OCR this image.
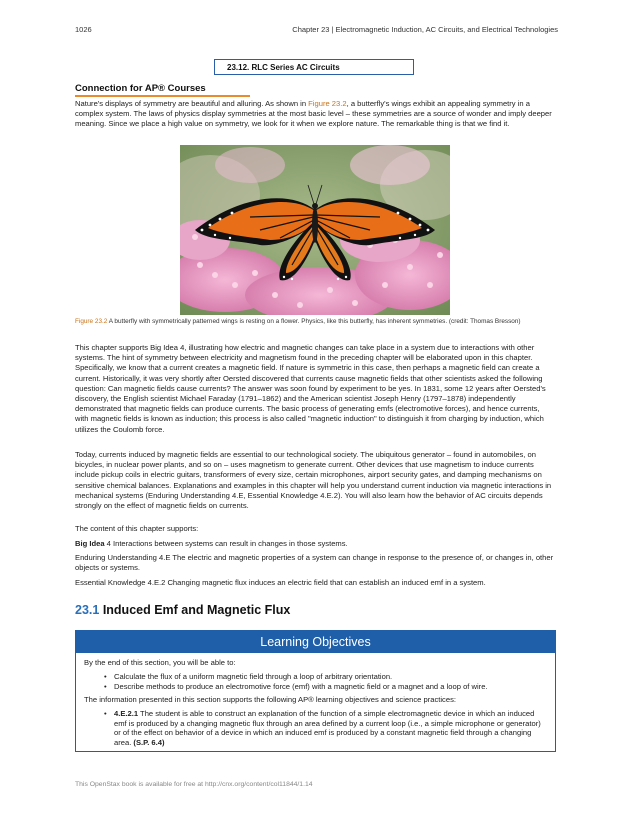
1026	Chapter 23 | Electromagnetic Induction, AC Circuits, and Electrical Technologies
23.12. RLC Series AC Circuits
Connection for AP® Courses
Nature's displays of symmetry are beautiful and alluring. As shown in Figure 23.2, a butterfly's wings exhibit an appealing symmetry in a complex system. The laws of physics display symmetries at the most basic level – these symmetries are a source of wonder and imply deeper meaning. Since we place a high value on symmetry, we look for it when we explore nature. The remarkable thing is that we find it.
Figure 23.2 A butterfly with symmetrically patterned wings is resting on a flower. Physics, like this butterfly, has inherent symmetries. (credit: Thomas Bresson)
This chapter supports Big Idea 4, illustrating how electric and magnetic changes can take place in a system due to interactions with other systems. The hint of symmetry between electricity and magnetism found in the preceding chapter will be elaborated upon in this chapter. Specifically, we know that a current creates a magnetic field. If nature is symmetric in this case, then perhaps a magnetic field can create a current. Historically, it was very shortly after Oersted discovered that currents cause magnetic fields that other scientists asked the following question: Can magnetic fields cause currents? The answer was soon found by experiment to be yes. In 1831, some 12 years after Oersted's discovery, the English scientist Michael Faraday (1791–1862) and the American scientist Joseph Henry (1797–1878) independently demonstrated that magnetic fields can produce currents. The basic process of generating emfs (electromotive forces), and hence currents, with magnetic fields is known as induction; this process is also called "magnetic induction" to distinguish it from charging by induction, which utilizes the Coulomb force.
Today, currents induced by magnetic fields are essential to our technological society. The ubiquitous generator – found in automobiles, on bicycles, in nuclear power plants, and so on – uses magnetism to generate current. Other devices that use magnetism to induce currents include pickup coils in electric guitars, transformers of every size, certain microphones, airport security gates, and damping mechanisms on sensitive chemical balances. Explanations and examples in this chapter will help you understand current induction via magnetic interactions in mechanical systems (Enduring Understanding 4.E, Essential Knowledge 4.E.2). You will also learn how the behavior of AC circuits depends strongly on the effect of magnetic fields on currents.
The content of this chapter supports:
Big Idea 4 Interactions between systems can result in changes in those systems.
Enduring Understanding 4.E The electric and magnetic properties of a system can change in response to the presence of, or changes in, other objects or systems.
Essential Knowledge 4.E.2 Changing magnetic flux induces an electric field that can establish an induced emf in a system.
23.1 Induced Emf and Magnetic Flux
Learning Objectives
By the end of this section, you will be able to:
• Calculate the flux of a uniform magnetic field through a loop of arbitrary orientation.
• Describe methods to produce an electromotive force (emf) with a magnetic field or a magnet and a loop of wire.
The information presented in this section supports the following AP® learning objectives and science practices:
• 4.E.2.1 The student is able to construct an explanation of the function of a simple electromagnetic device in which an induced emf is produced by a changing magnetic flux through an area defined by a current loop (i.e., a simple microphone or generator) or of the effect on behavior of a device in which an induced emf is produced by a constant magnetic field through a changing area. (S.P. 6.4)
This OpenStax book is available for free at http://cnx.org/content/col11844/1.14
